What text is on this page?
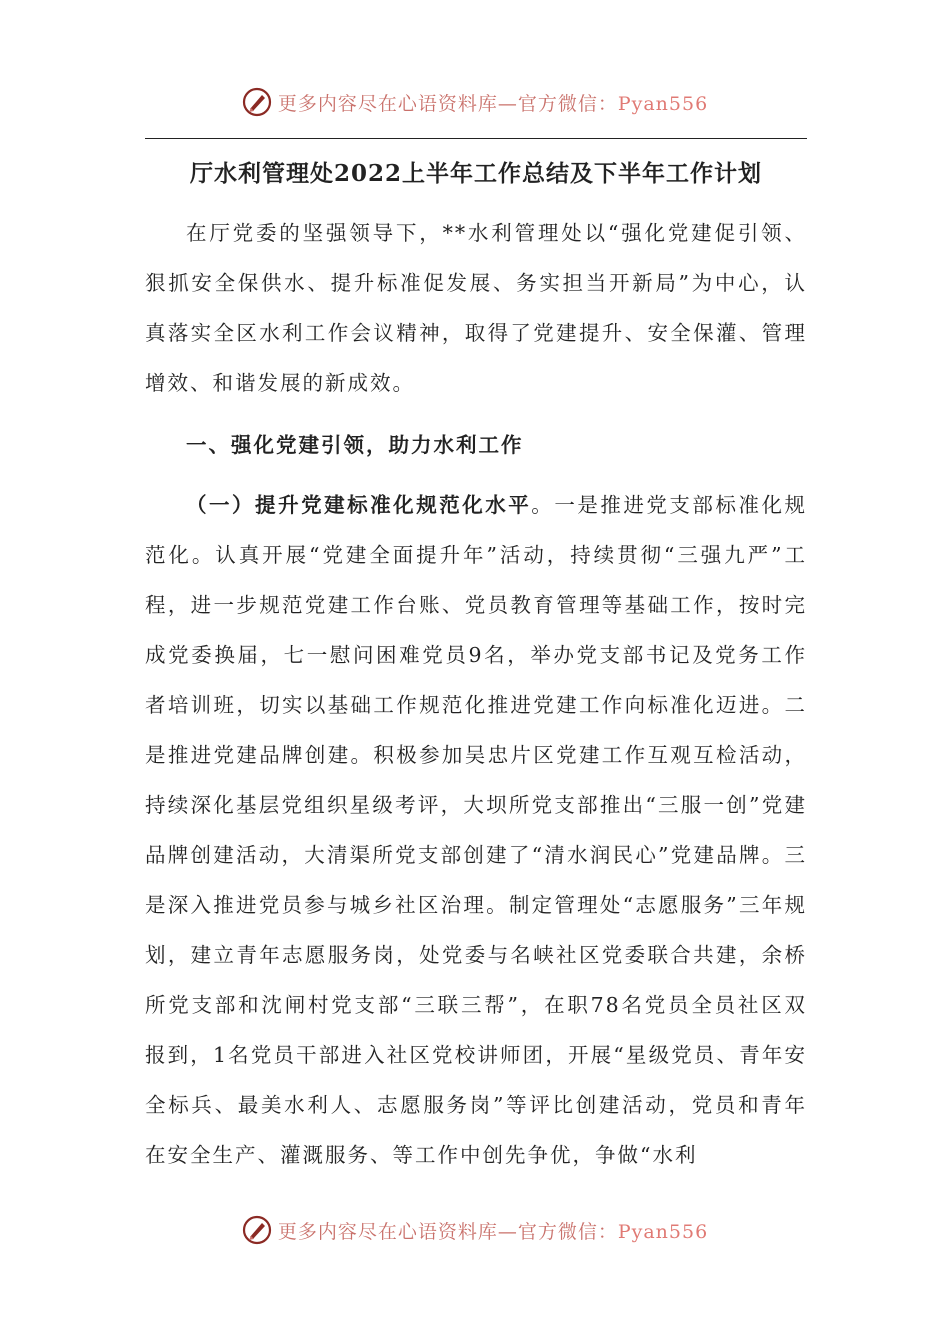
更多内容尽在心语资料库—官方微信：Pyan556
厅水利管理处2022上半年工作总结及下半年工作计划

在厅党委的坚强领导下，**水利管理处以“强化党建促引领、狠抓安全保供水、提升标准促发展、务实担当开新局”为中心，认真落实全区水利工作会议精神，取得了党建提升、安全保灌、管理增效、和谐发展的新成效。

一、强化党建引领，助力水利工作

（一）提升党建标准化规范化水平。一是推进党支部标准化规范化。认真开展“党建全面提升年”活动，持续贯彻“三强九严”工程，进一步规范党建工作台账、党员教育管理等基础工作，按时完成党委换届，七一慰问困难党员9名，举办党支部书记及党务工作者培训班，切实以基础工作规范化推进党建工作向标准化迈进。二是推进党建品牌创建。积极参加吴忠片区党建工作互观互检活动，持续深化基层党组织星级考评，大坝所党支部推出“三服一创”党建品牌创建活动，大清渠所党支部创建了“清水润民心”党建品牌。三是深入推进党员参与城乡社区治理。制定管理处“志愿服务”三年规划，建立青年志愿服务岗，处党委与名峡社区党委联合共建，余桥所党支部和沈闸村党支部“三联三帮”，在职78名党员全员社区双报到，1名党员干部进入社区党校讲师团，开展“星级党员、青年安全标兵、最美水利人、志愿服务岗”等评比创建活动，党员和青年在安全生产、灌溉服务、等工作中创先争优，争做“水利

更多内容尽在心语资料库—官方微信：Pyan556
